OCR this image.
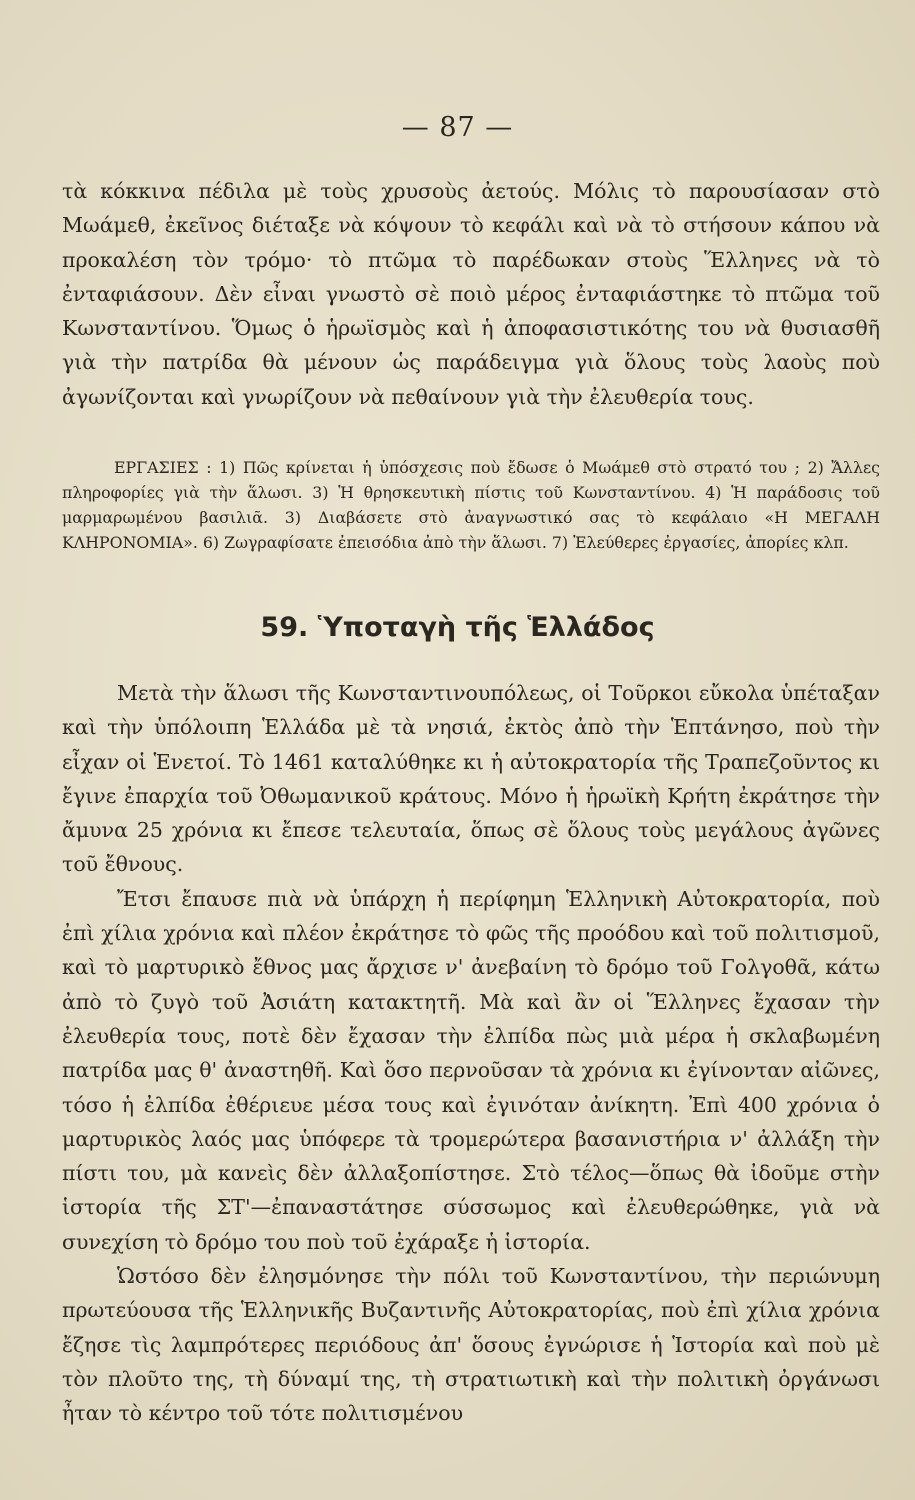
— 87 —

τὰ κόκκινα πέδιλα μὲ τοὺς χρυσοὺς ἀετούς. Μόλις τὸ παρουσίασαν στὸ Μωάμεθ, ἐκεῖνος διέταξε νὰ κόψουν τὸ κεφάλι καὶ νὰ τὸ στήσουν κάπου νὰ προκαλέση τὸν τρόμο· τὸ πτῶμα τὸ παρέδωκαν στοὺς Ἕλληνες νὰ τὸ ἐνταφιάσουν. Δὲν εἶναι γνωστὸ σὲ ποιὸ μέρος ἐνταφιάστηκε τὸ πτῶμα τοῦ Κωνσταντίνου. Ὅμως ὁ ἡρωϊσμὸς καὶ ἡ ἀποφασιστικότης του νὰ θυσιασθῆ γιὰ τὴν πατρίδα θὰ μένουν ὡς παράδειγμα γιὰ ὅλους τοὺς λαοὺς ποὺ ἀγωνίζονται καὶ γνωρίζουν νὰ πεθαίνουν γιὰ τὴν ἐλευθερία τους.

ΕΡΓΑΣΙΕΣ : 1) Πῶς κρίνεται ἡ ὑπόσχεσις ποὺ ἔδωσε ὁ Μωάμεθ στὸ στρατό του ; 2) Ἄλλες πληροφορίες γιὰ τὴν ἅλωσι. 3) Ἡ θρησκευτικὴ πίστις τοῦ Κωνσταντίνου. 4) Ἡ παράδοσις τοῦ μαρμαρωμένου βασιλιᾶ. 3) Διαβάσετε στὸ ἀναγνωστικό σας τὸ κεφάλαιο «Η ΜΕΓΑΛΗ ΚΛΗΡΟΝΟΜΙΑ». 6) Ζωγραφίσατε ἐπεισόδια ἀπὸ τὴν ἅλωσι. 7) Ἐλεύθερες ἐργασίες, ἀπορίες κλπ.

59. Ὑποταγὴ τῆς Ἑλλάδος

Μετὰ τὴν ἅλωσι τῆς Κωνσταντινουπόλεως, οἱ Τοῦρκοι εὔκολα ὑπέταξαν καὶ τὴν ὑπόλοιπη Ἑλλάδα μὲ τὰ νησιά, ἐκτὸς ἀπὸ τὴν Ἑπτάνησο, ποὺ τὴν εἶχαν οἱ Ἑνετοί. Τὸ 1461 καταλύθηκε κι ἡ αὐτοκρατορία τῆς Τραπεζοῦντος κι ἔγινε ἐπαρχία τοῦ Ὀθωμανικοῦ κράτους. Μόνο ἡ ἡρωϊκὴ Κρήτη ἐκράτησε τὴν ἄμυνα 25 χρόνια κι ἔπεσε τελευταία, ὅπως σὲ ὅλους τοὺς μεγάλους ἀγῶνες τοῦ ἔθνους.

Ἔτσι ἔπαυσε πιὰ νὰ ὑπάρχη ἡ περίφημη Ἑλληνικὴ Αὐτοκρατορία, ποὺ ἐπὶ χίλια χρόνια καὶ πλέον ἐκράτησε τὸ φῶς τῆς προόδου καὶ τοῦ πολιτισμοῦ, καὶ τὸ μαρτυρικὸ ἔθνος μας ἄρχισε ν' ἀνεβαίνη τὸ δρόμο τοῦ Γολγοθᾶ, κάτω ἀπὸ τὸ ζυγὸ τοῦ Ἀσιάτη κατακτητῆ. Μὰ καὶ ἂν οἱ Ἕλληνες ἔχασαν τὴν ἐλευθερία τους, ποτὲ δὲν ἔχασαν τὴν ἐλπίδα πὼς μιὰ μέρα ἡ σκλαβωμένη πατρίδα μας θ' ἀναστηθῆ. Καὶ ὅσο περνοῦσαν τὰ χρόνια κι ἐγίνονταν αἰῶνες, τόσο ἡ ἐλπίδα ἐθέριευε μέσα τους καὶ ἐγινόταν ἀνίκητη. Ἐπὶ 400 χρόνια ὁ μαρτυρικὸς λαός μας ὑπόφερε τὰ τρομερώτερα βασανιστήρια ν' ἀλλάξη τὴν πίστι του, μὰ κανεὶς δὲν ἀλλαξοπίστησε. Στὸ τέλος—ὅπως θὰ ἰδοῦμε στὴν ἱστορία τῆς ΣΤ'—ἐπαναστάτησε σύσσωμος καὶ ἐλευθερώθηκε, γιὰ νὰ συνεχίση τὸ δρόμο του ποὺ τοῦ ἐχάραξε ἡ ἱστορία.

Ὡστόσο δὲν ἐλησμόνησε τὴν πόλι τοῦ Κωνσταντίνου, τὴν περιώνυμη πρωτεύουσα τῆς Ἑλληνικῆς Βυζαντινῆς Αὐτοκρατορίας, ποὺ ἐπὶ χίλια χρόνια ἔζησε τὶς λαμπρότερες περιόδους ἀπ' ὅσους ἐγνώρισε ἡ Ἱστορία καὶ ποὺ μὲ τὸν πλοῦτο της, τὴ δύναμί της, τὴ στρατιωτικὴ καὶ τὴν πολιτικὴ ὀργάνωσι ἦταν τὸ κέντρο τοῦ τότε πολιτισμένου
